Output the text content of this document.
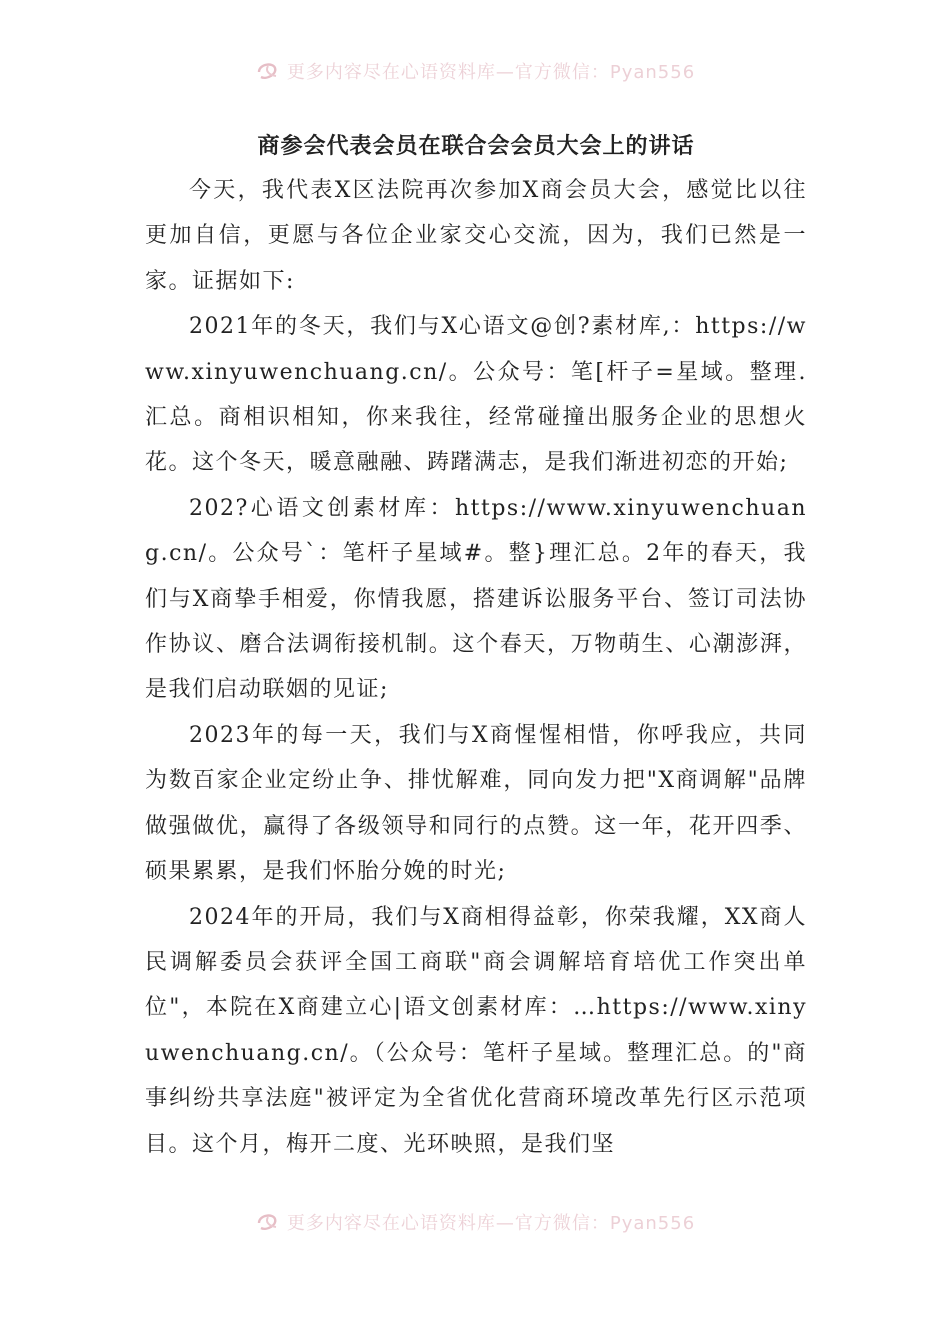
更多内容尽在心语资料库—官方微信：Pyan556
商参会代表会员在联合会会员大会上的讲话

今天，我代表X区法院再次参加X商会员大会，感觉比以往更加自信，更愿与各位企业家交心交流，因为，我们已然是一家。证据如下:

2021年的冬天，我们与X心语文@创?素材库,：https://www.xinyuwenchuang.cn/。公众号：笔[杆子=星域。整理.汇总。商相识相知，你来我往，经常碰撞出服务企业的思想火花。这个冬天，暖意融融、踌躇满志，是我们渐进初恋的开始;

202?心语文创素材库：https://www.xinyuwenchuang.cn/。公众号`：笔杆子星域#。整}理汇总。2年的春天，我们与X商挚手相爱，你情我愿，搭建诉讼服务平台、签订司法协作协议、磨合法调衔接机制。这个春天，万物萌生、心潮澎湃，是我们启动联姻的见证;

2023年的每一天，我们与X商惺惺相惜，你呼我应，共同为数百家企业定纷止争、排忧解难，同向发力把"X商调解"品牌做强做优，赢得了各级领导和同行的点赞。这一年，花开四季、硕果累累，是我们怀胎分娩的时光;

2024年的开局，我们与X商相得益彰，你荣我耀，XX商人民调解委员会获评全国工商联"商会调解培育培优工作突出单位"，本院在X商建立心|语文创素材库：…https://www.xinyuwenchuang.cn/。（公众号：笔杆子星域。整理汇总。的"商事纠纷共享法庭"被评定为全省优化营商环境改革先行区示范项目。这个月，梅开二度、光环映照，是我们坚

更多内容尽在心语资料库—官方微信：Pyan556
